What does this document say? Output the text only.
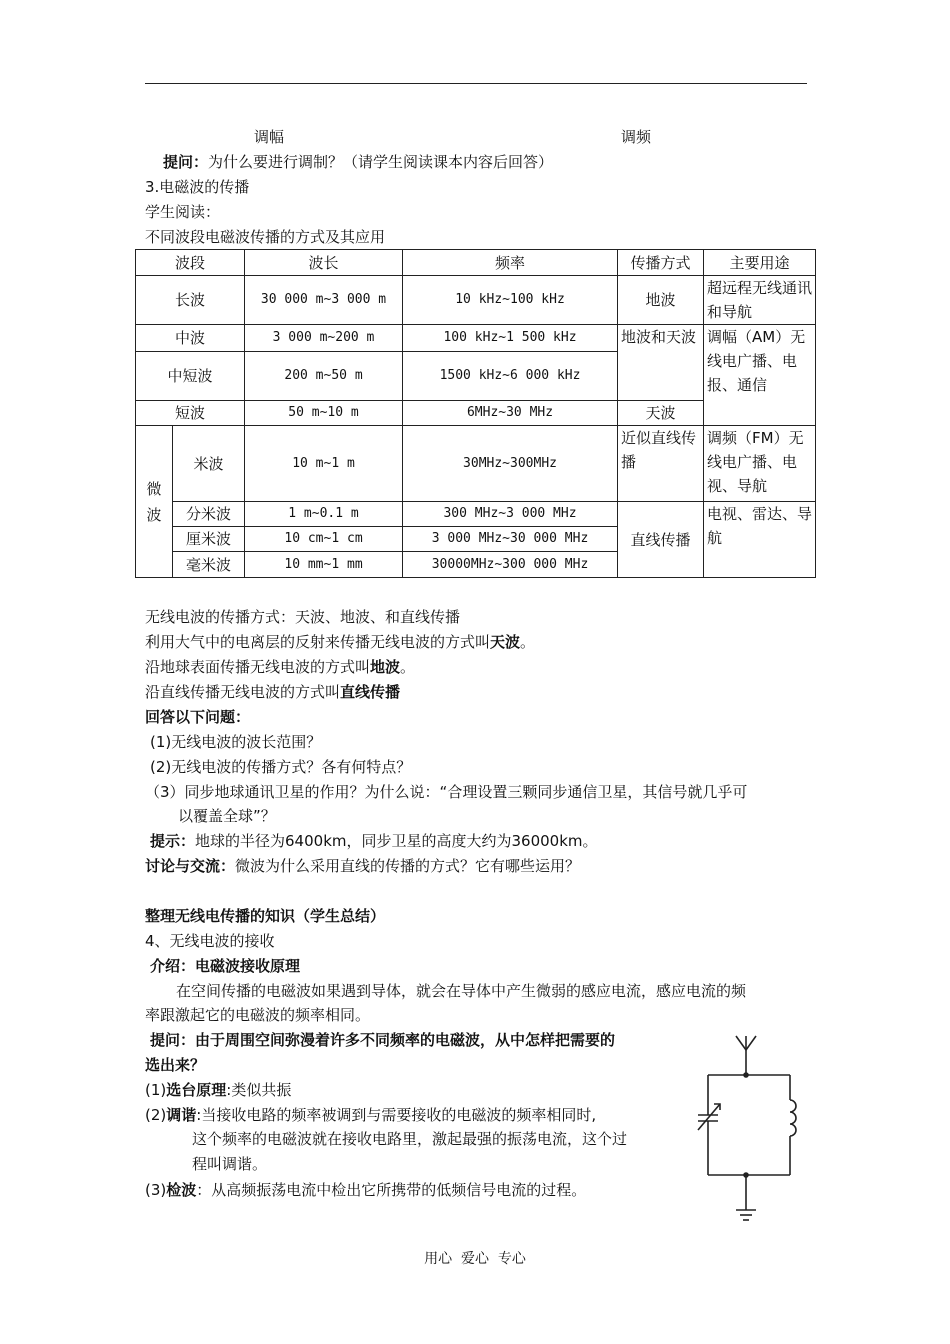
调幅	调频
提问：为什么要进行调制？（请学生阅读课本内容后回答）
3.电磁波的传播
学生阅读：
不同波段电磁波传播的方式及其应用
波段		波长	频率	传播方式	主要用途
长波		30 000 m~3 000 m	10 kHz~100 kHz	地波	超远程无线通讯和导航
中波		3 000 m~200 m	100 kHz~1 500 kHz	地波和天波	调幅（AM）无线电广播、电报、通信
中短波		200 m~50 m	1500 kHz~6 000 kHz		
短波		50 m~10 m	6MHz~30 MHz	天波	
微波	米波	10 m~1 m	30MHz~300MHz	近似直线传播	调频（FM）无线电广播、电视、导航
	分米波	1 m~0.1 m	300 MHz~3 000 MHz	直线传播	电视、雷达、导航
	厘米波	10 cm~1 cm	3 000 MHz~30 000 MHz		
	毫米波	10 mm~1 mm	30000MHz~300 000 MHz		
无线电波的传播方式：天波、地波、和直线传播
利用大气中的电离层的反射来传播无线电波的方式叫天波。
沿地球表面传播无线电波的方式叫地波。
沿直线传播无线电波的方式叫直线传播
回答以下问题：
(1)无线电波的波长范围？
(2)无线电波的传播方式？各有何特点？
（3）同步地球通讯卫星的作用？为什么说：“合理设置三颗同步通信卫星，其信号就几乎可
以覆盖全球”？
提示：地球的半径为6400km，同步卫星的高度大约为36000km。
讨论与交流：微波为什么采用直线的传播的方式？它有哪些运用？
整理无线电传播的知识（学生总结）
4、无线电波的接收
介绍：电磁波接收原理
在空间传播的电磁波如果遇到导体，就会在导体中产生微弱的感应电流，感应电流的频
率跟激起它的电磁波的频率相同。
提问：由于周围空间弥漫着许多不同频率的电磁波，从中怎样把需要的
选出来？
(1)选台原理:类似共振
(2)调谐:当接收电路的频率被调到与需要接收的电磁波的频率相同时,
这个频率的电磁波就在接收电路里，激起最强的振荡电流，这个过
程叫调谐。
(3)检波：从高频振荡电流中检出它所携带的低频信号电流的过程。
用心  爱心  专心
